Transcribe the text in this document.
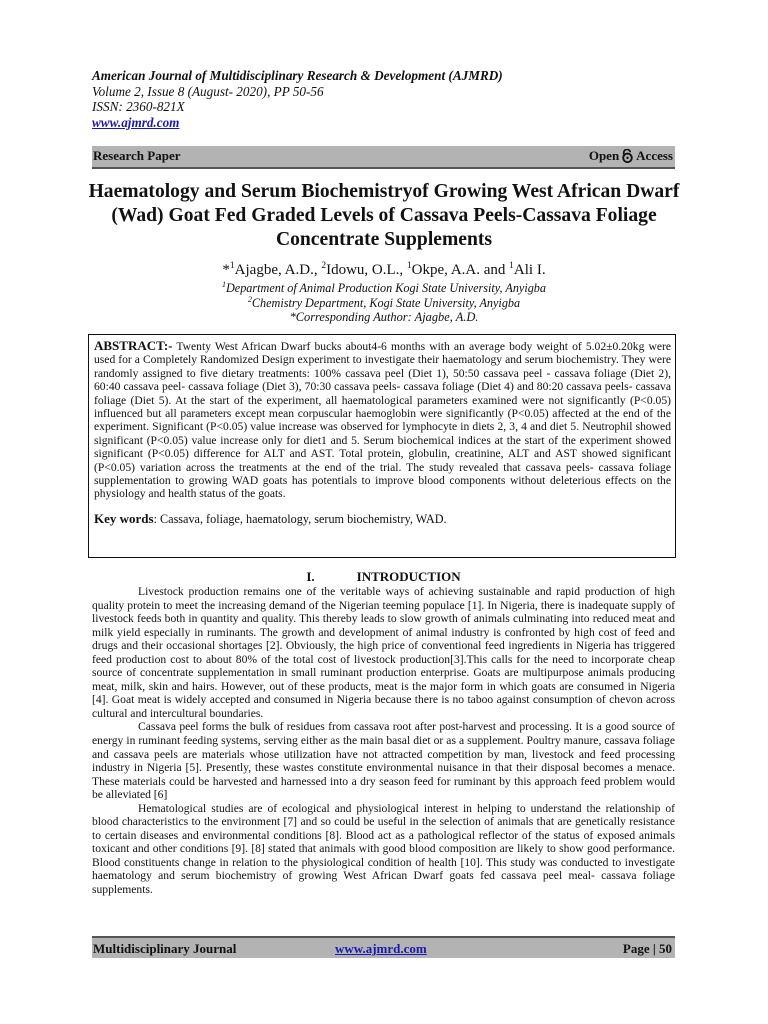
American Journal of Multidisciplinary Research & Development (AJMRD)
Volume 2, Issue 8 (August- 2020), PP 50-56
ISSN: 2360-821X
www.ajmrd.com
Research Paper	Open Access
Haematology and Serum Biochemistryof Growing West African Dwarf (Wad) Goat Fed Graded Levels of Cassava Peels-Cassava Foliage Concentrate Supplements
*$^1$Ajagbe, A.D., $^2$Idowu, O.L., $^1$Okpe, A.A. and $^1$Ali I.
$^1$Department of Animal Production Kogi State University, Anyigba
$^2$Chemistry Department, Kogi State University, Anyigba
*Corresponding Author: Ajagbe, A.D.

ABSTRACT:- Twenty West African Dwarf bucks about4-6 months with an average body weight of 5.02±0.20kg were used for a Completely Randomized Design experiment to investigate their haematology and serum biochemistry. They were randomly assigned to five dietary treatments: 100% cassava peel (Diet 1), 50:50 cassava peel - cassava foliage (Diet 2), 60:40 cassava peel- cassava foliage (Diet 3), 70:30 cassava peels- cassava foliage (Diet 4) and 80:20 cassava peels- cassava foliage (Diet 5). At the start of the experiment, all haematological parameters examined were not significantly (P<0.05) influenced but all parameters except mean corpuscular haemoglobin were significantly (P<0.05) affected at the end of the experiment. Significant (P<0.05) value increase was observed for lymphocyte in diets 2, 3, 4 and diet 5. Neutrophil showed significant (P<0.05) value increase only for diet1 and 5. Serum biochemical indices at the start of the experiment showed significant (P<0.05) difference for ALT and AST. Total protein, globulin, creatinine, ALT and AST showed significant (P<0.05) variation across the treatments at the end of the trial. The study revealed that cassava peels- cassava foliage supplementation to growing WAD goats has potentials to improve blood components without deleterious effects on the physiology and health status of the goats.

Key words: Cassava, foliage, haematology, serum biochemistry, WAD.

I.	INTRODUCTION

Livestock production remains one of the veritable ways of achieving sustainable and rapid production of high quality protein to meet the increasing demand of the Nigerian teeming populace [1]. In Nigeria, there is inadequate supply of livestock feeds both in quantity and quality. This thereby leads to slow growth of animals culminating into reduced meat and milk yield especially in ruminants. The growth and development of animal industry is confronted by high cost of feed and drugs and their occasional shortages [2]. Obviously, the high price of conventional feed ingredients in Nigeria has triggered feed production cost to about 80% of the total cost of livestock production[3].This calls for the need to incorporate cheap source of concentrate supplementation in small ruminant production enterprise. Goats are multipurpose animals producing meat, milk, skin and hairs. However, out of these products, meat is the major form in which goats are consumed in Nigeria [4]. Goat meat is widely accepted and consumed in Nigeria because there is no taboo against consumption of chevon across cultural and intercultural boundaries.

Cassava peel forms the bulk of residues from cassava root after post-harvest and processing. It is a good source of energy in ruminant feeding systems, serving either as the main basal diet or as a supplement. Poultry manure, cassava foliage and cassava peels are materials whose utilization have not attracted competition by man, livestock and feed processing industry in Nigeria [5]. Presently, these wastes constitute environmental nuisance in that their disposal becomes a menace. These materials could be harvested and harnessed into a dry season feed for ruminant by this approach feed problem would be alleviated [6]

Hematological studies are of ecological and physiological interest in helping to understand the relationship of blood characteristics to the environment [7] and so could be useful in the selection of animals that are genetically resistance to certain diseases and environmental conditions [8]. Blood act as a pathological reflector of the status of exposed animals toxicant and other conditions [9]. [8] stated that animals with good blood composition are likely to show good performance. Blood constituents change in relation to the physiological condition of health [10]. This study was conducted to investigate haematology and serum biochemistry of growing West African Dwarf goats fed cassava peel meal- cassava foliage supplements.

Multidisciplinary Journal	www.ajmrd.com	Page | 50
